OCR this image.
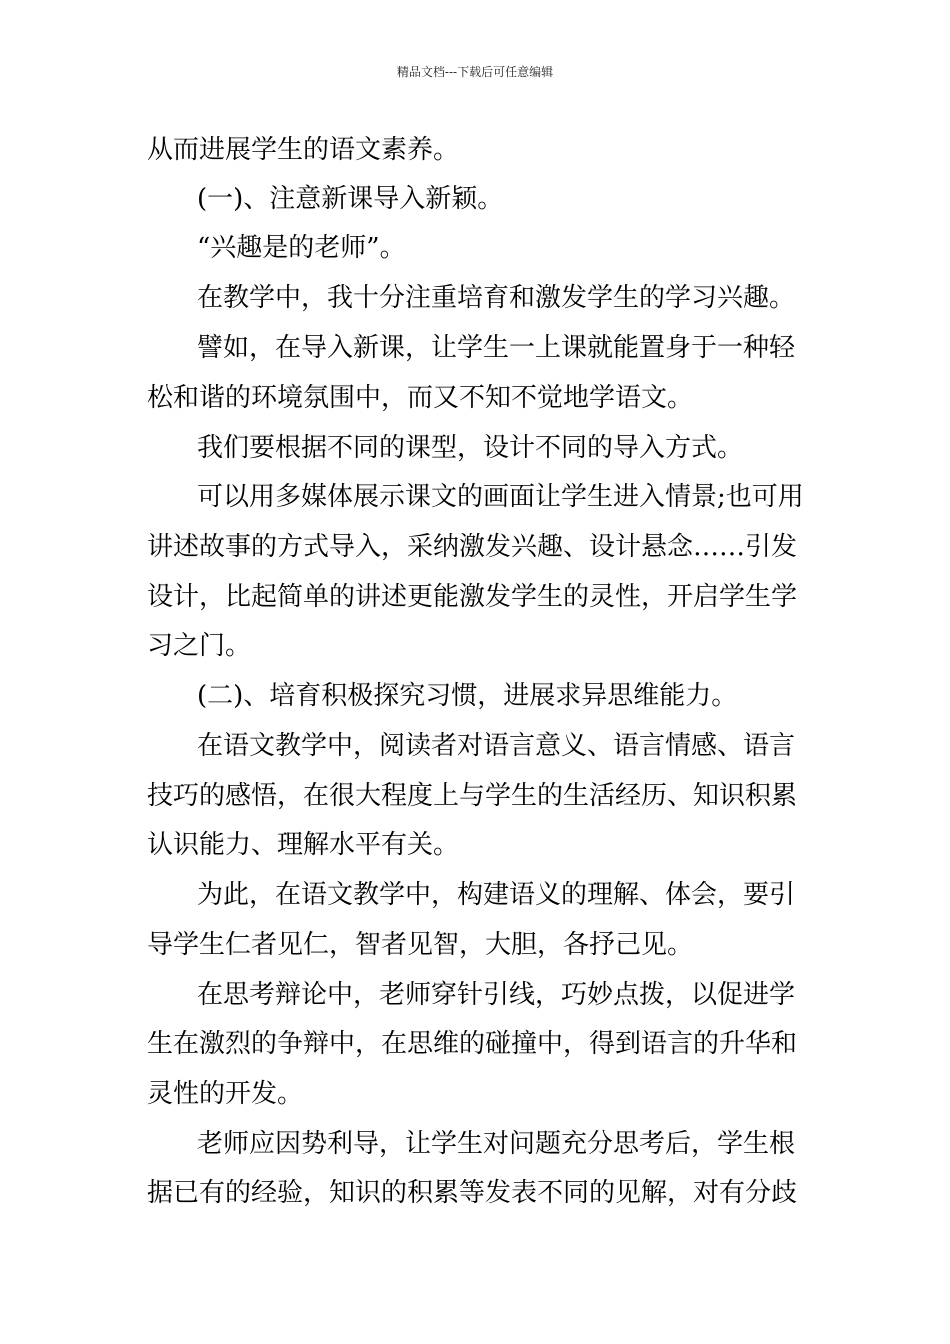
精品文档---下载后可任意编辑
从而进展学生的语文素养。
(一)、注意新课导入新颖。
“兴趣是的老师”。
在教学中，我十分注重培育和激发学生的学习兴趣。
譬如，在导入新课，让学生一上课就能置身于一种轻
松和谐的环境氛围中，而又不知不觉地学语文。
我们要根据不同的课型，设计不同的导入方式。
可以用多媒体展示课文的画面让学生进入情景;也可用
讲述故事的方式导入，采纳激发兴趣、设计悬念……引发
设计，比起简单的讲述更能激发学生的灵性，开启学生学
习之门。
(二)、培育积极探究习惯，进展求异思维能力。
在语文教学中，阅读者对语言意义、语言情感、语言
技巧的感悟，在很大程度上与学生的生活经历、知识积累
认识能力、理解水平有关。
为此，在语文教学中，构建语义的理解、体会，要引
导学生仁者见仁，智者见智，大胆，各抒己见。
在思考辩论中，老师穿针引线，巧妙点拨，以促进学
生在激烈的争辩中，在思维的碰撞中，得到语言的升华和
灵性的开发。
老师应因势利导，让学生对问题充分思考后，学生根
据已有的经验，知识的积累等发表不同的见解，对有分歧
